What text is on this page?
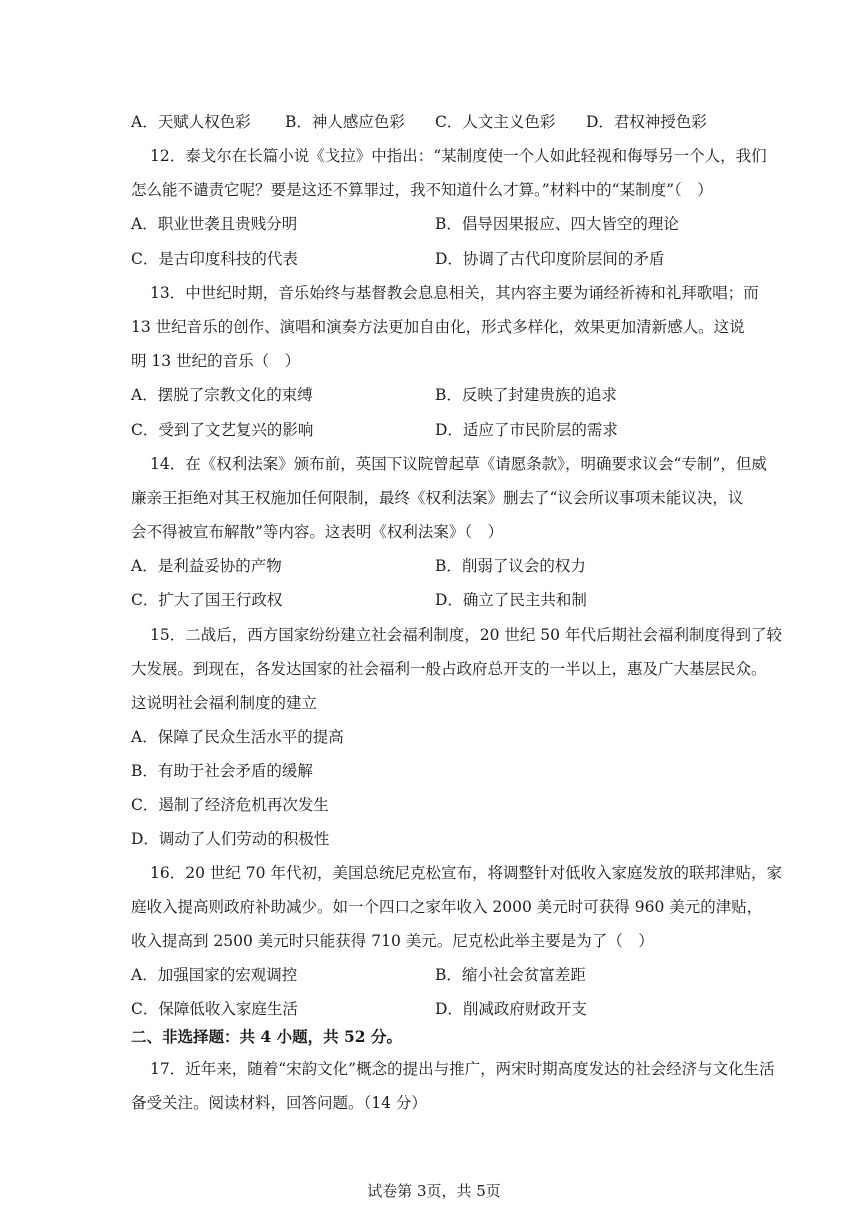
A．天赋人权色彩 B．神人感应色彩 C．人文主义色彩 D．君权神授色彩
12．泰戈尔在长篇小说《戈拉》中指出：“某制度使一个人如此轻视和侮辱另一个人，我们
怎么能不谴责它呢？要是这还不算罪过，我不知道什么才算。”材料中的“某制度”（　）
A．职业世袭且贵贱分明	B．倡导因果报应、四大皆空的理论
C．是古印度科技的代表	D．协调了古代印度阶层间的矛盾
13．中世纪时期，音乐始终与基督教会息息相关，其内容主要为诵经祈祷和礼拜歌唱；而
13 世纪音乐的创作、演唱和演奏方法更加自由化，形式多样化，效果更加清新感人。这说
明 13 世纪的音乐（　）
A．摆脱了宗教文化的束缚	B．反映了封建贵族的追求
C．受到了文艺复兴的影响	D．适应了市民阶层的需求
14．在《权利法案》颁布前，英国下议院曾起草《请愿条款》，明确要求议会“专制”，但威
廉亲王拒绝对其王权施加任何限制，最终《权利法案》删去了“议会所议事项未能议决，议
会不得被宣布解散”等内容。这表明《权利法案》（　）
A．是利益妥协的产物	B．削弱了议会的权力
C．扩大了国王行政权	D．确立了民主共和制
15．二战后，西方国家纷纷建立社会福利制度，20 世纪 50 年代后期社会福利制度得到了较
大发展。到现在，各发达国家的社会福利一般占政府总开支的一半以上，惠及广大基层民众。
这说明社会福利制度的建立
A．保障了民众生活水平的提高
B．有助于社会矛盾的缓解
C．遏制了经济危机再次发生
D．调动了人们劳动的积极性
16．20 世纪 70 年代初，美国总统尼克松宣布，将调整针对低收入家庭发放的联邦津贴，家
庭收入提高则政府补助减少。如一个四口之家年收入 2000 美元时可获得 960 美元的津贴，
收入提高到 2500 美元时只能获得 710 美元。尼克松此举主要是为了（　）
A．加强国家的宏观调控	B．缩小社会贫富差距
C．保障低收入家庭生活	D．削减政府财政开支
二、非选择题：共 4 小题，共 52 分。
17．近年来，随着“宋韵文化”概念的提出与推广，两宋时期高度发达的社会经济与文化生活
备受关注。阅读材料，回答问题。（14 分）
试卷第 3页，共 5页
